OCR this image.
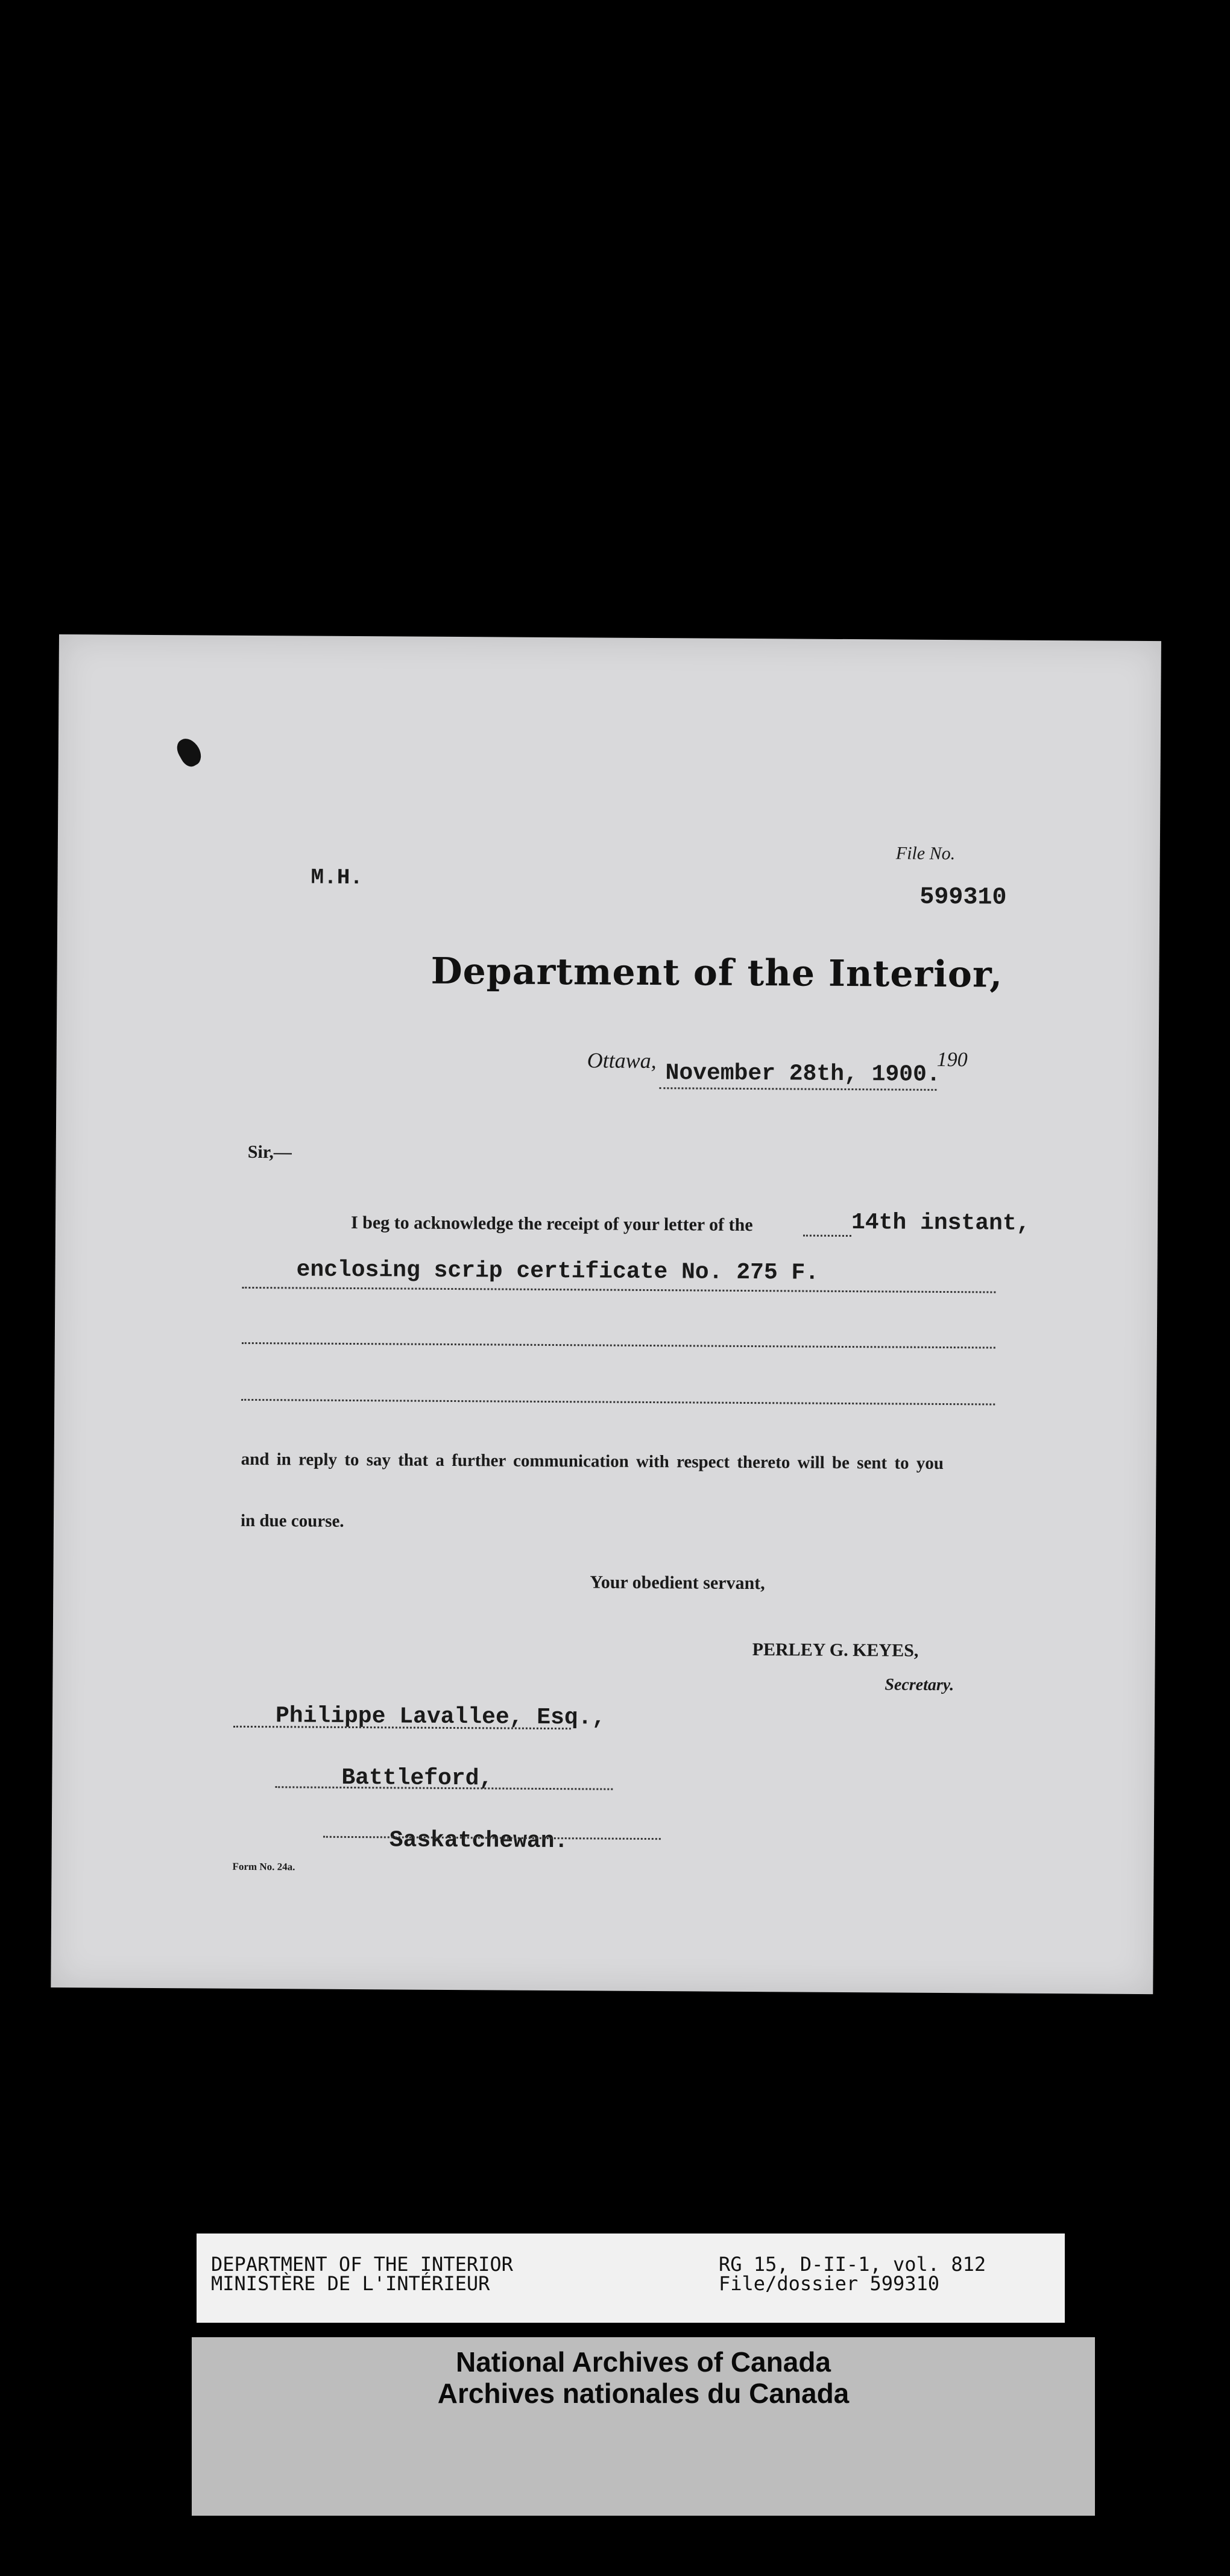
M.H.
File No.
599310
Department of the Interior,
Ottawa, November 28th, 1900.
190
Sir,—
I beg to acknowledge the receipt of your letter of the	14th instant,
enclosing scrip certificate No. 275 F.
and in reply to say that a further communication with respect thereto will be sent to you
in due course.
Your obedient servant,
PERLEY G. KEYES,
Secretary.
Philippe Lavallee, Esq.,
Battleford,
Saskatchewan.
Form No. 24a.
DEPARTMENT OF THE INTERIOR
MINISTÈRE DE L'INTÉRIEUR
RG 15, D-II-1, vol. 812
File/dossier 599310
National Archives of Canada
Archives nationales du Canada
